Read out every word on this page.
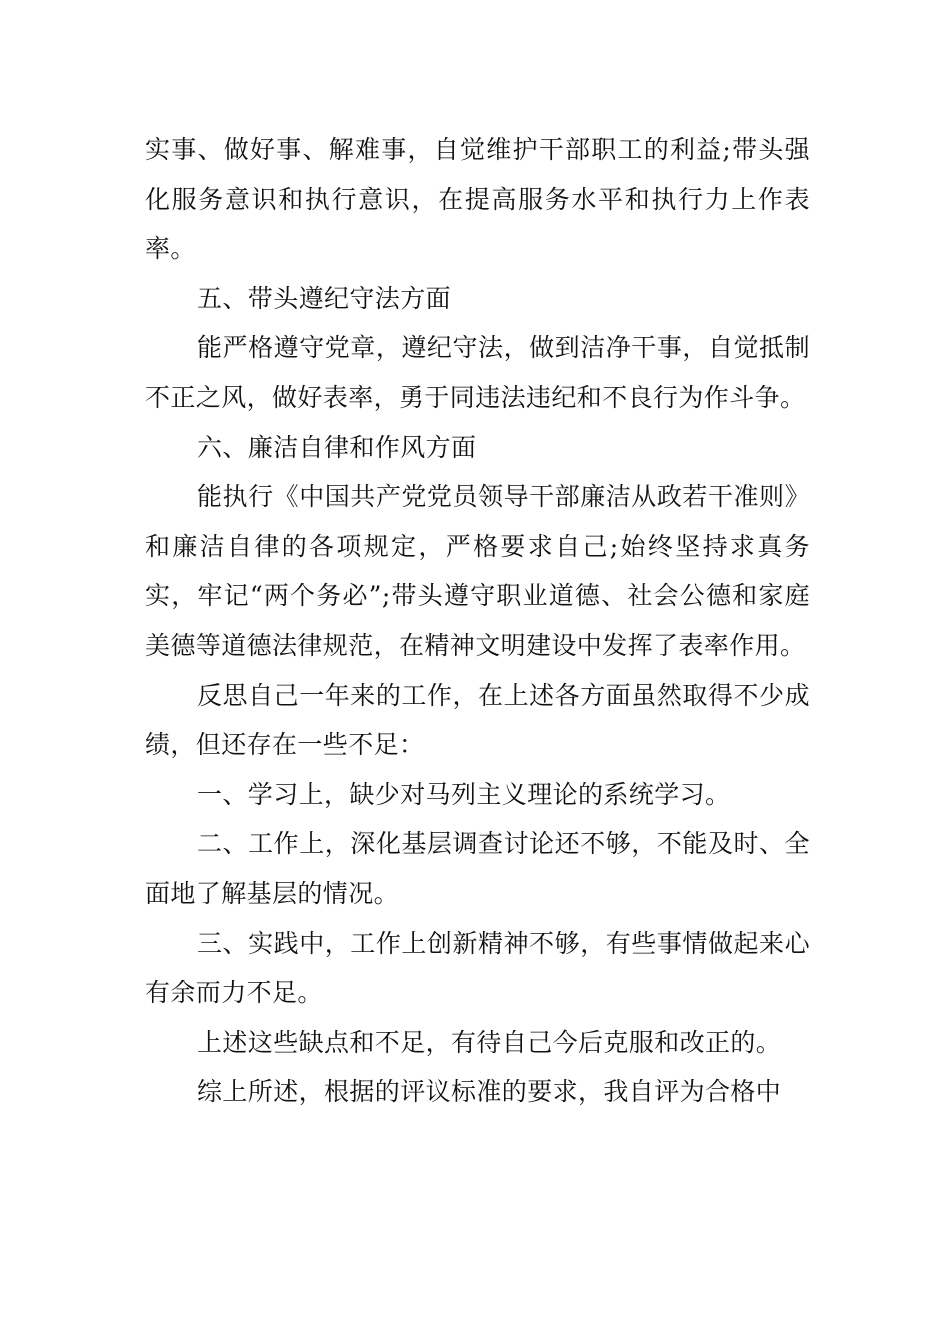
实事、做好事、解难事，自觉维护干部职工的利益;带头强化服务意识和执行意识，在提高服务水平和执行力上作表率。

五、带头遵纪守法方面

能严格遵守党章，遵纪守法，做到洁净干事，自觉抵制不正之风，做好表率，勇于同违法违纪和不良行为作斗争。

六、廉洁自律和作风方面

能执行《中国共产党党员领导干部廉洁从政若干准则》和廉洁自律的各项规定，严格要求自己;始终坚持求真务实，牢记“两个务必”;带头遵守职业道德、社会公德和家庭美德等道德法律规范，在精神文明建设中发挥了表率作用。

反思自己一年来的工作，在上述各方面虽然取得不少成绩，但还存在一些不足：

一、学习上，缺少对马列主义理论的系统学习。

二、工作上，深化基层调查讨论还不够，不能及时、全面地了解基层的情况。

三、实践中，工作上创新精神不够，有些事情做起来心有余而力不足。

上述这些缺点和不足，有待自己今后克服和改正的。

综上所述，根据的评议标准的要求，我自评为合格中
